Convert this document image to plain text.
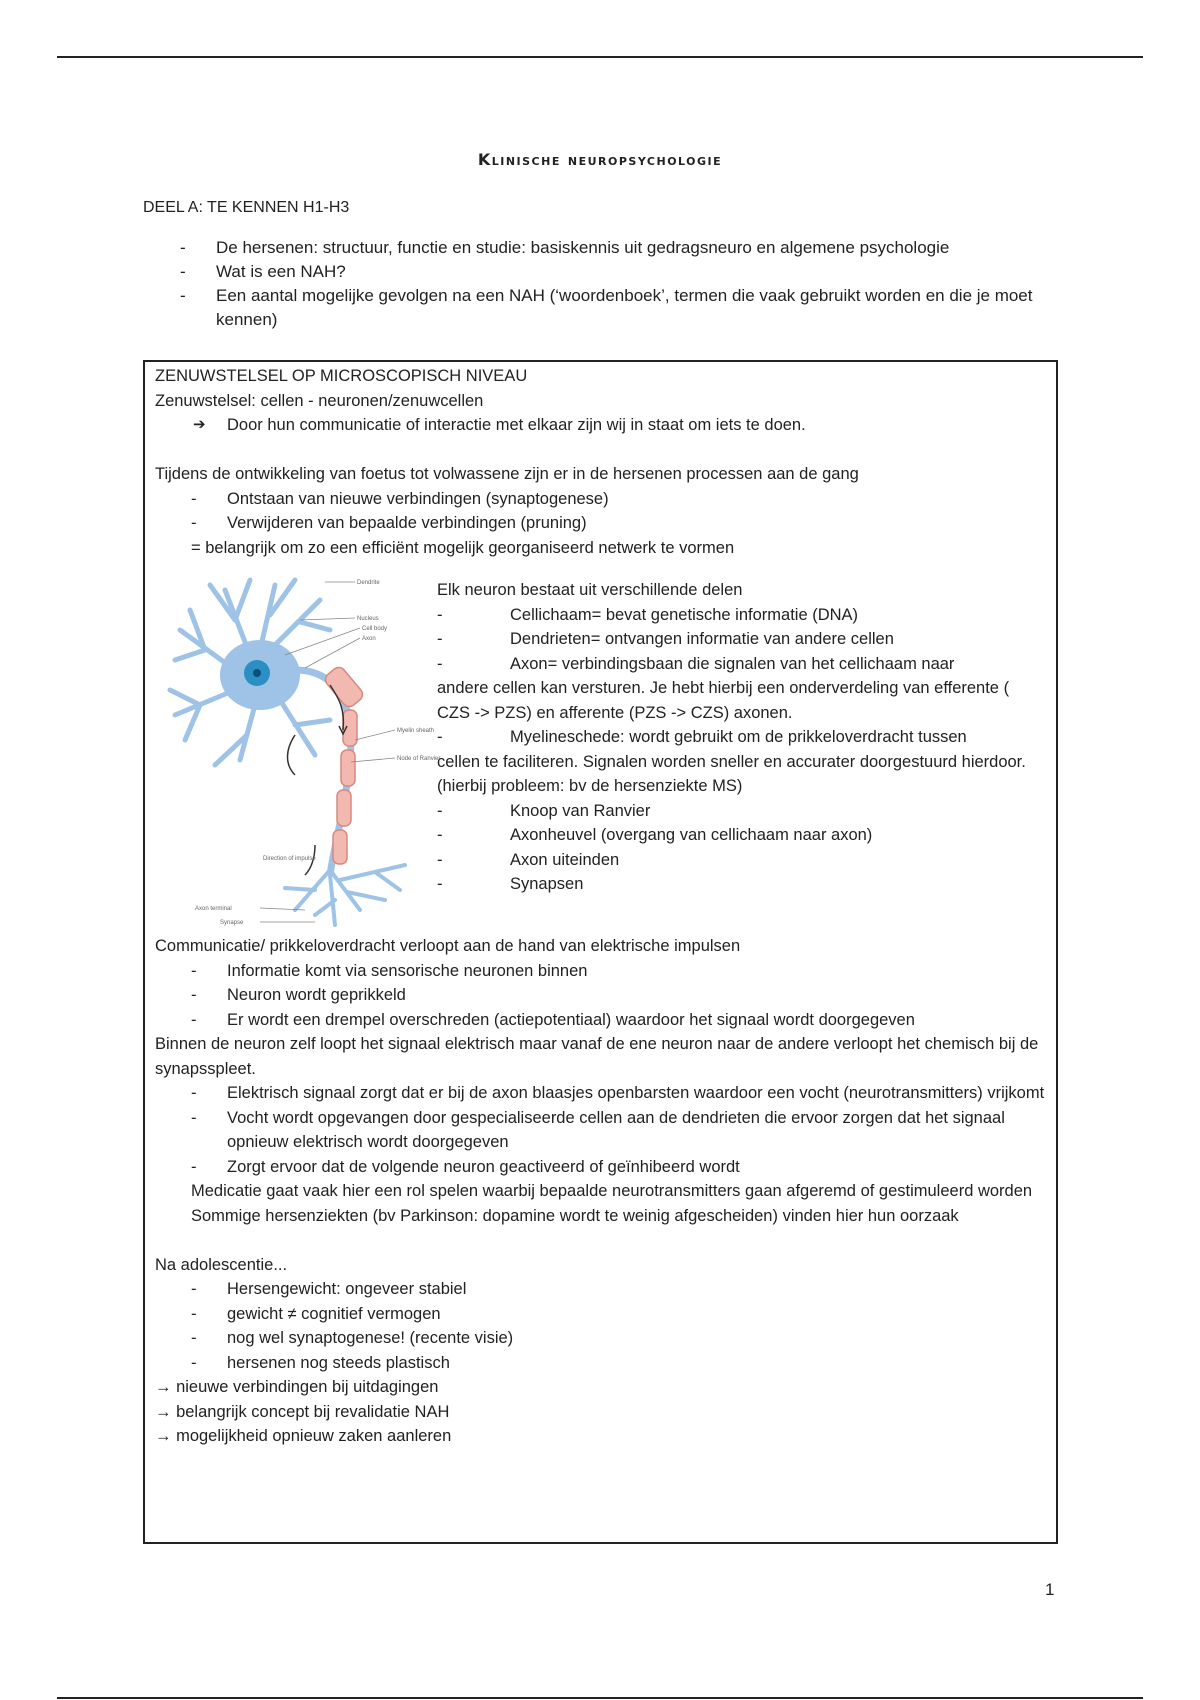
Klinische neuropsychologie
DEEL A: TE KENNEN H1-H3
- De hersenen: structuur, functie en studie: basiskennis uit gedragsneuro en algemene psychologie
- Wat is een NAH?
- Een aantal mogelijke gevolgen na een NAH (‘woordenboek’, termen die vaak gebruikt worden en die je moet kennen)
ZENUWSTELSEL OP MICROSCOPISCH NIVEAU
Zenuwstelsel: cellen - neuronen/zenuwcellen
➔ Door hun communicatie of interactie met elkaar zijn wij in staat om iets te doen.
Tijdens de ontwikkeling van foetus tot volwassene zijn er in de hersenen processen aan de gang
- Ontstaan van nieuwe verbindingen (synaptogenese)
- Verwijderen van bepaalde verbindingen (pruning)
= belangrijk om zo een efficiënt mogelijk georganiseerd netwerk te vormen
Dendrite
Nucleus
Cell body
Axon
Myelin sheath
Node of Ranvier
Direction of impulse
Axon terminal
Synapse
Elk neuron bestaat uit verschillende delen
- Cellichaam= bevat genetische informatie (DNA)
- Dendrieten= ontvangen informatie van andere cellen
- Axon= verbindingsbaan die signalen van het cellichaam naar
andere cellen kan versturen. Je hebt hierbij een onderverdeling van efferente ( CZS -> PZS) en afferente (PZS -> CZS) axonen.
- Myelineschede: wordt gebruikt om de prikkeloverdracht tussen
cellen te faciliteren. Signalen worden sneller en accurater doorgestuurd hierdoor. (hierbij probleem: bv de hersenziekte MS)
- Knoop van Ranvier
- Axonheuvel (overgang van cellichaam naar axon)
- Axon uiteinden
- Synapsen
Communicatie/ prikkeloverdracht verloopt aan de hand van elektrische impulsen
- Informatie komt via sensorische neuronen binnen
- Neuron wordt geprikkeld
- Er wordt een drempel overschreden (actiepotentiaal) waardoor het signaal wordt doorgegeven
Binnen de neuron zelf loopt het signaal elektrisch maar vanaf de ene neuron naar de andere verloopt het chemisch bij de synapsspleet.
- Elektrisch signaal zorgt dat er bij de axon blaasjes openbarsten waardoor een vocht (neurotransmitters) vrijkomt
- Vocht wordt opgevangen door gespecialiseerde cellen aan de dendrieten die ervoor zorgen dat het signaal opnieuw elektrisch wordt doorgegeven
- Zorgt ervoor dat de volgende neuron geactiveerd of geïnhibeerd wordt
Medicatie gaat vaak hier een rol spelen waarbij bepaalde neurotransmitters gaan afgeremd of gestimuleerd worden
Sommige hersenziekten (bv Parkinson: dopamine wordt te weinig afgescheiden) vinden hier hun oorzaak
Na adolescentie...
- Hersengewicht: ongeveer stabiel
- gewicht ≠ cognitief vermogen
- nog wel synaptogenese! (recente visie)
- hersenen nog steeds plastisch
→ nieuwe verbindingen bij uitdagingen
→ belangrijk concept bij revalidatie NAH
→ mogelijkheid opnieuw zaken aanleren
1
